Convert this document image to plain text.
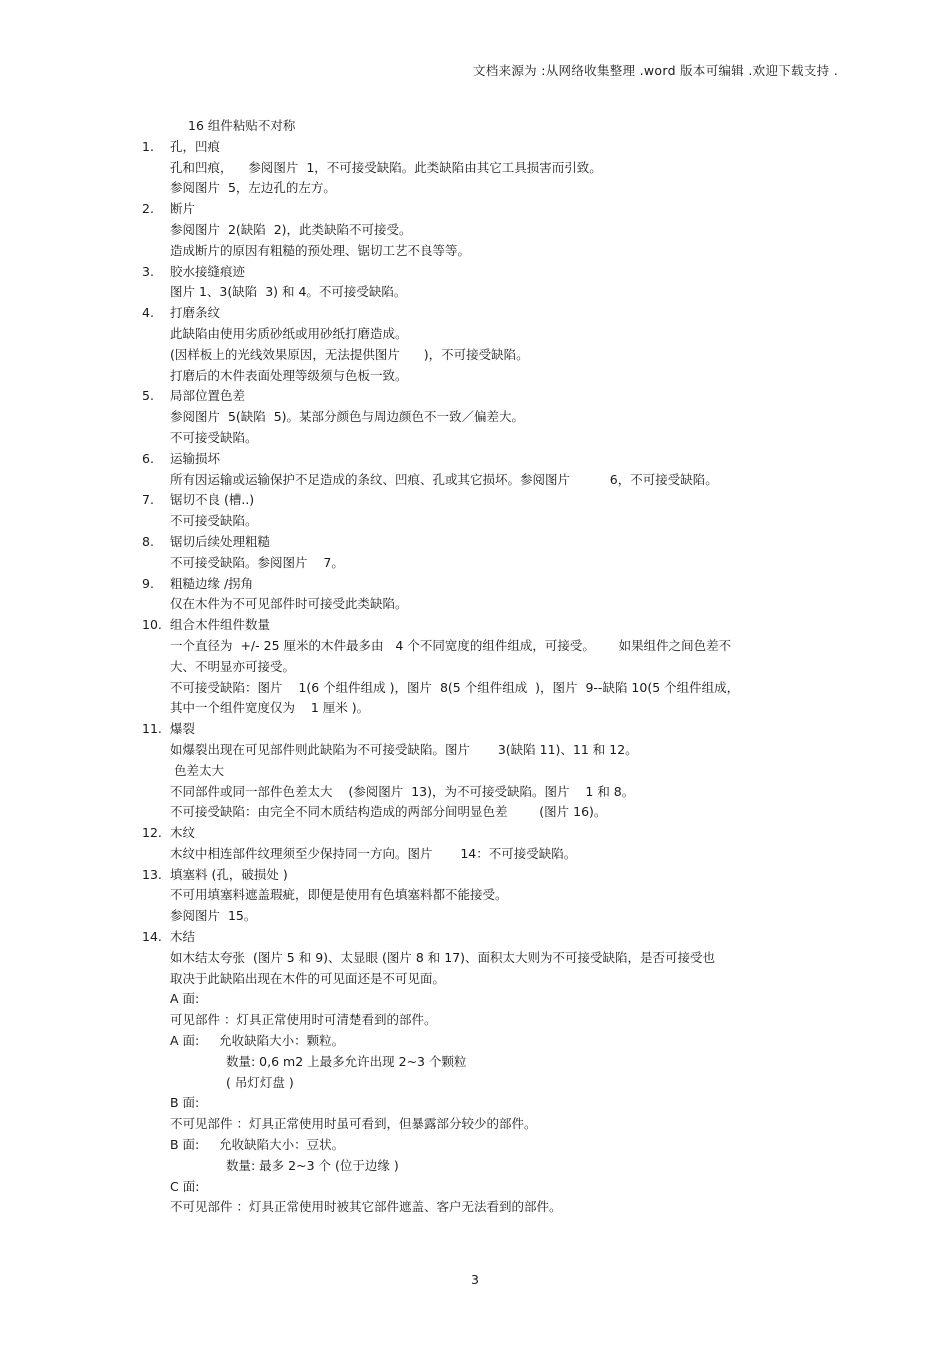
文档来源为 :从网络收集整理 .word 版本可编辑 .欢迎下载支持 .
16 组件粘贴不对称
1. 孔，凹痕
孔和凹痕，    参阅图片  1，不可接受缺陷。此类缺陷由其它工具损害而引致。
参阅图片  5，左边孔的左方。
2. 断片
参阅图片  2(缺陷  2)，此类缺陷不可接受。
造成断片的原因有粗糙的预处理、锯切工艺不良等等。
3. 胶水接缝痕迹
图片 1、3(缺陷  3) 和 4。不可接受缺陷。
4. 打磨条纹
此缺陷由使用劣质砂纸或用砂纸打磨造成。
(因样板上的光线效果原因，无法提供图片      )，不可接受缺陷。
打磨后的木件表面处理等级须与色板一致。
5. 局部位置色差
参阅图片  5(缺陷  5)。某部分颜色与周边颜色不一致／偏差大。
不可接受缺陷。
6. 运输损坏
所有因运输或运输保护不足造成的条纹、凹痕、孔或其它损坏。参阅图片          6，不可接受缺陷。
7. 锯切不良 (槽..)
不可接受缺陷。
8. 锯切后续处理粗糙
不可接受缺陷。参阅图片    7。
9. 粗糙边缘 /拐角
仅在木件为不可见部件时可接受此类缺陷。
10. 组合木件组件数量
一个直径为  +/- 25 厘米的木件最多由   4 个不同宽度的组件组成，可接受。      如果组件之间色差不
大、不明显亦可接受。
不可接受缺陷：图片    1(6 个组件组成 )，图片  8(5 个组件组成  )，图片  9--缺陷 10(5 个组件组成，
其中一个组件宽度仅为    1 厘米 )。
11. 爆裂
如爆裂出现在可见部件则此缺陷为不可接受缺陷。图片       3(缺陷 11)、11 和 12。
色差太大
不同部件或同一部件色差太大    (参阅图片  13)，为不可接受缺陷。图片    1 和 8。
不可接受缺陷：由完全不同木质结构造成的两部分间明显色差        (图片 16)。
12. 木纹
木纹中相连部件纹理须至少保持同一方向。图片       14：不可接受缺陷。
13. 填塞料 (孔，破损处 )
不可用填塞料遮盖瑕疵，即便是使用有色填塞料都不能接受。
参阅图片  15。
14. 木结
如木结太夸张  (图片 5 和 9)、太显眼 (图片 8 和 17)、面积太大则为不可接受缺陷，是否可接受也
取决于此缺陷出现在木件的可见面还是不可见面。
A 面:
可见部件 ：灯具正常使用时可清楚看到的部件。
A 面: 允收缺陷大小：颗粒。
数量: 0,6 m2 上最多允许出现 2~3 个颗粒
( 吊灯灯盘 )
B 面:
不可见部件 ：灯具正常使用时虽可看到，但暴露部分较少的部件。
B 面: 允收缺陷大小：豆状。
数量: 最多 2~3 个 (位于边缘 )
C 面:
不可见部件 ：灯具正常使用时被其它部件遮盖、客户无法看到的部件。
3
